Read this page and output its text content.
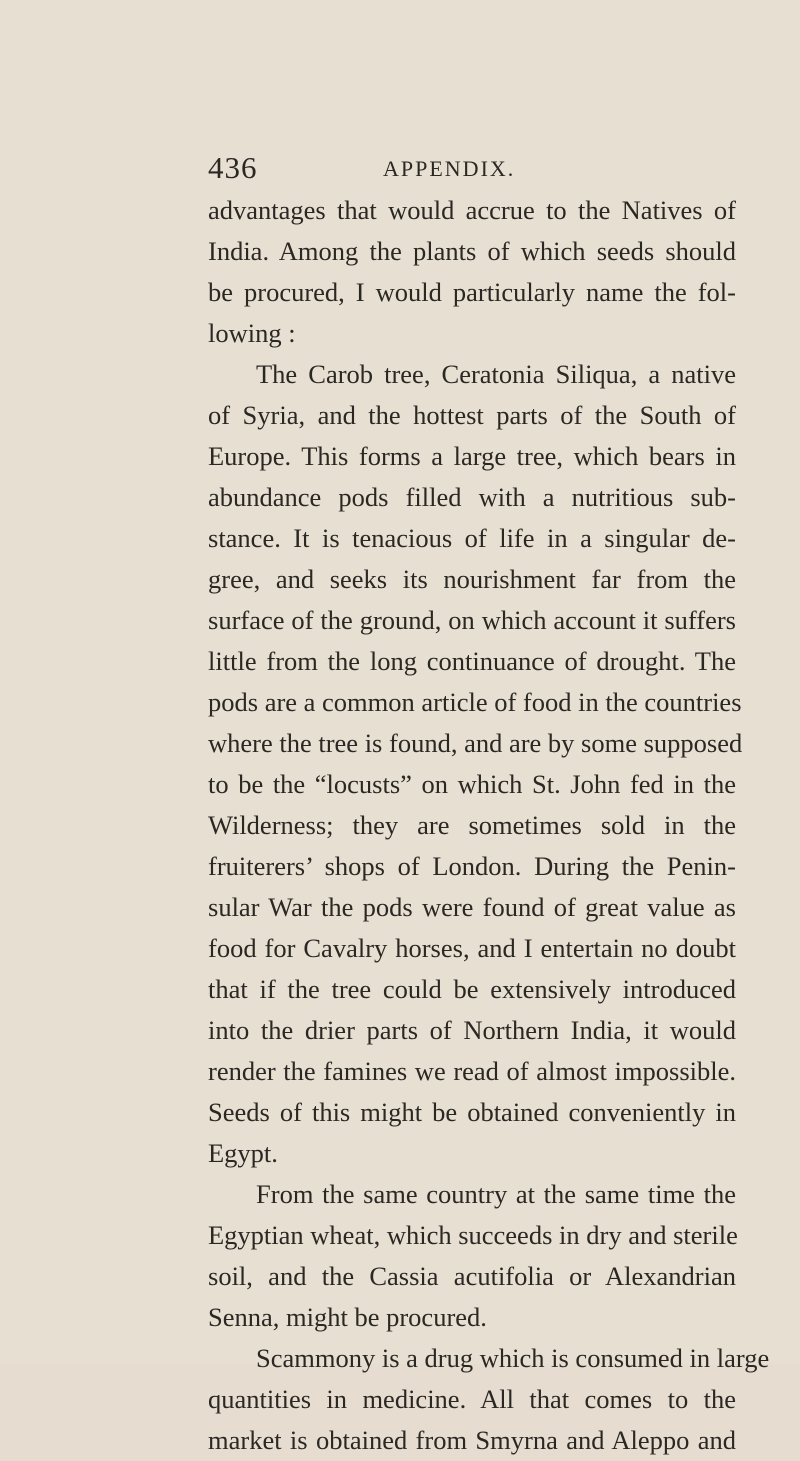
436	APPENDIX.
advantages that would accrue to the Natives of
India. Among the plants of which seeds should
be procured, I would particularly name the fol-
lowing :
The Carob tree, Ceratonia Siliqua, a native
of Syria, and the hottest parts of the South of
Europe. This forms a large tree, which bears in
abundance pods filled with a nutritious sub-
stance. It is tenacious of life in a singular de-
gree, and seeks its nourishment far from the
surface of the ground, on which account it suffers
little from the long continuance of drought. The
pods are a common article of food in the countries
where the tree is found, and are by some supposed
to be the “locusts” on which St. John fed in the
Wilderness; they are sometimes sold in the
fruiterers’ shops of London. During the Penin-
sular War the pods were found of great value as
food for Cavalry horses, and I entertain no doubt
that if the tree could be extensively introduced
into the drier parts of Northern India, it would
render the famines we read of almost impossible.
Seeds of this might be obtained conveniently in
Egypt.
From the same country at the same time the
Egyptian wheat, which succeeds in dry and sterile
soil, and the Cassia acutifolia or Alexandrian
Senna, might be procured.
Scammony is a drug which is consumed in large
quantities in medicine. All that comes to the
market is obtained from Smyrna and Aleppo and
